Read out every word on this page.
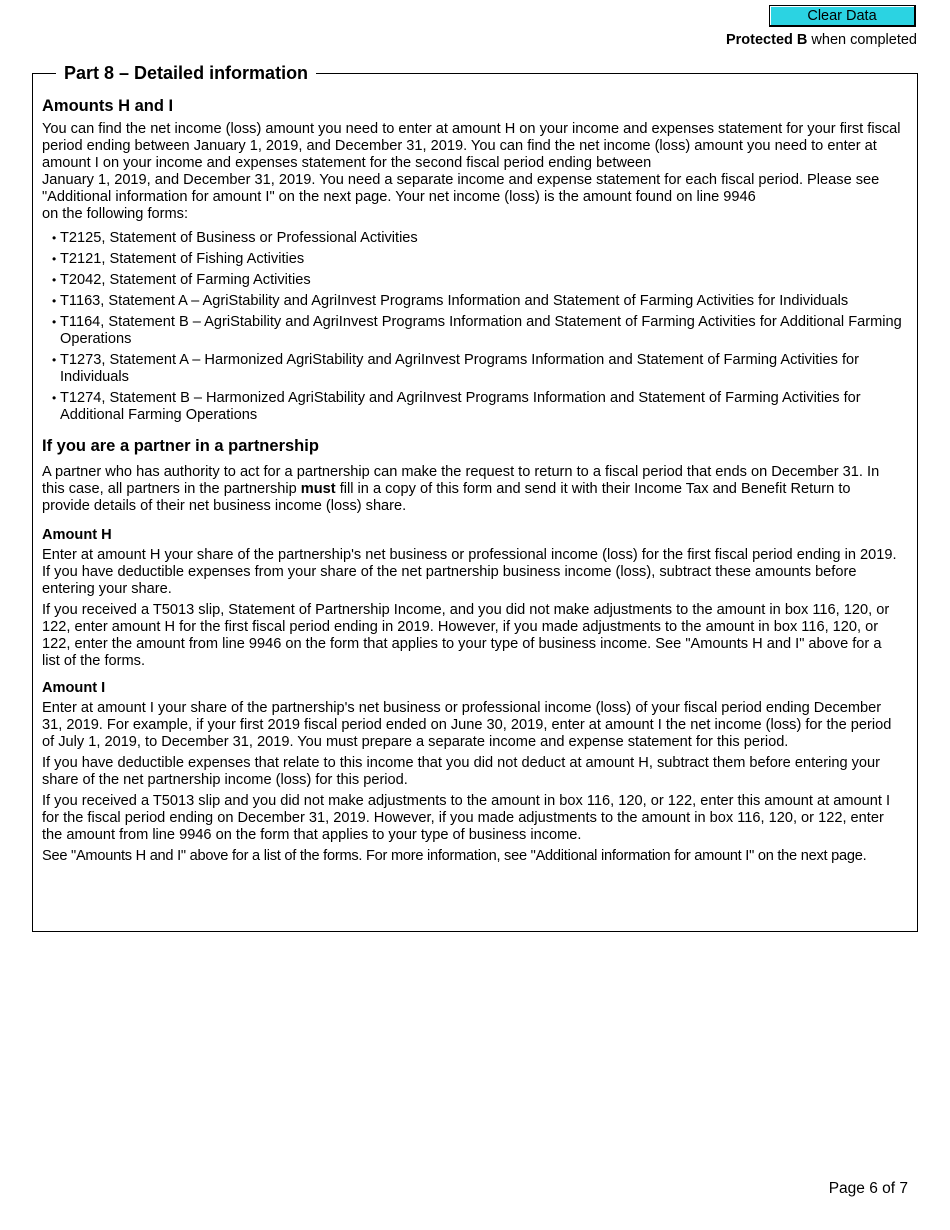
Clear Data
Protected B when completed
Part 8 – Detailed information
Amounts H and I

You can find the net income (loss) amount you need to enter at amount H on your income and expenses statement for your first fiscal period ending between January 1, 2019, and December 31, 2019. You can find the net income (loss) amount you need to enter at amount I on your income and expenses statement for the second fiscal period ending between
January 1, 2019, and December 31, 2019. You need a separate income and expense statement for each fiscal period. Please see "Additional information for amount I" on the next page. Your net income (loss) is the amount found on line 9946
on the following forms:

• T2125, Statement of Business or Professional Activities
• T2121, Statement of Fishing Activities
• T2042, Statement of Farming Activities
• T1163, Statement A – AgriStability and AgriInvest Programs Information and Statement of Farming Activities for Individuals
• T1164, Statement B – AgriStability and AgriInvest Programs Information and Statement of Farming Activities for Additional Farming Operations
• T1273, Statement A – Harmonized AgriStability and AgriInvest Programs Information and Statement of Farming Activities for Individuals
• T1274, Statement B – Harmonized AgriStability and AgriInvest Programs Information and Statement of Farming Activities for Additional Farming Operations
If you are a partner in a partnership

A partner who has authority to act for a partnership can make the request to return to a fiscal period that ends on December 31. In this case, all partners in the partnership must fill in a copy of this form and send it with their Income Tax and Benefit Return to provide details of their net business income (loss) share.

Amount H

Enter at amount H your share of the partnership's net business or professional income (loss) for the first fiscal period ending in 2019. If you have deductible expenses from your share of the net partnership business income (loss), subtract these amounts before entering your share.

If you received a T5013 slip, Statement of Partnership Income, and you did not make adjustments to the amount in box 116, 120, or 122, enter amount H for the first fiscal period ending in 2019. However, if you made adjustments to the amount in box 116, 120, or 122, enter the amount from line 9946 on the form that applies to your type of business income. See "Amounts H and I" above for a list of the forms.

Amount I

Enter at amount I your share of the partnership's net business or professional income (loss) of your fiscal period ending December 31, 2019. For example, if your first 2019 fiscal period ended on June 30, 2019, enter at amount I the net income (loss) for the period of July 1, 2019, to December 31, 2019. You must prepare a separate income and expense statement for this period.

If you have deductible expenses that relate to this income that you did not deduct at amount H, subtract them before entering your share of the net partnership income (loss) for this period.

If you received a T5013 slip and you did not make adjustments to the amount in box 116, 120, or 122, enter this amount at amount I for the fiscal period ending on December 31, 2019. However, if you made adjustments to the amount in box 116, 120, or 122, enter the amount from line 9946 on the form that applies to your type of business income.

See "Amounts H and I" above for a list of the forms. For more information, see "Additional information for amount I" on the next page.

Page 6 of 7
